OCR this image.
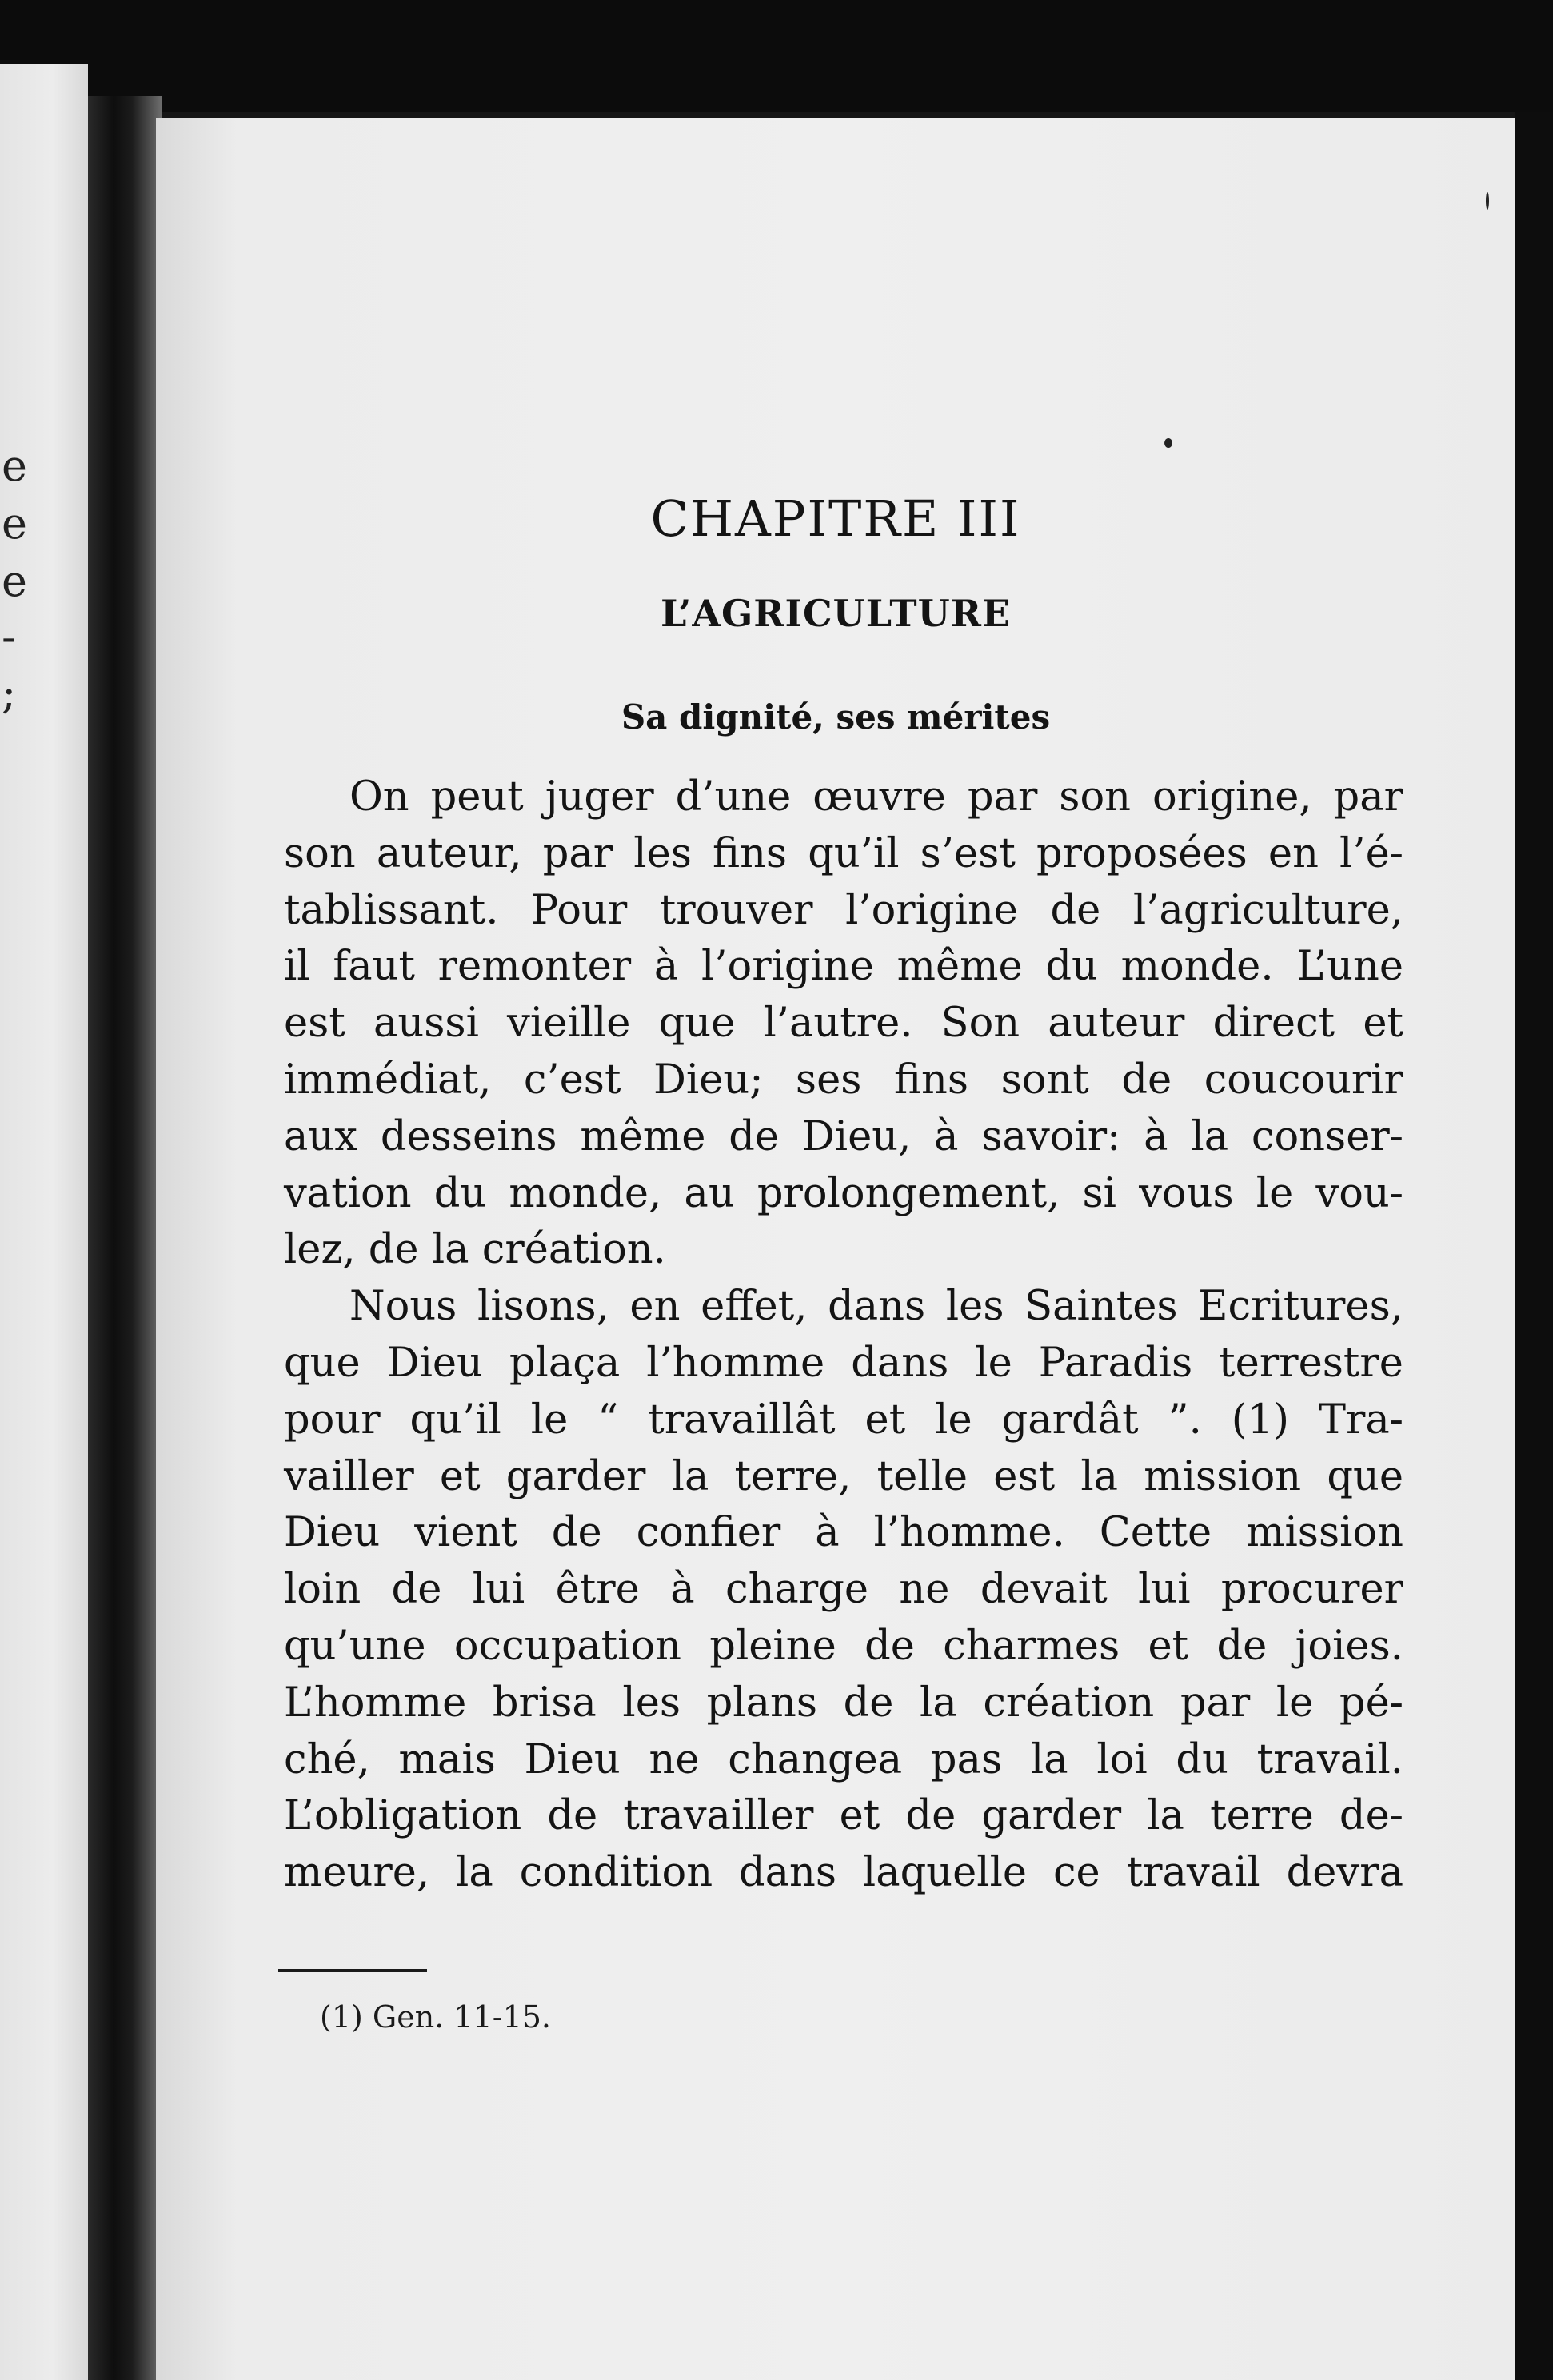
e
e
e
-
;
CHAPITRE III
L’AGRICULTURE
Sa dignité, ses mérites
On peut juger d’une œuvre par son origine, par
son auteur, par les fins qu’il s’est proposées en l’é-
tablissant. Pour trouver l’origine de l’agriculture,
il faut remonter à l’origine même du monde. L’une
est aussi vieille que l’autre. Son auteur direct et
immédiat, c’est Dieu; ses fins sont de coucourir
aux desseins même de Dieu, à savoir: à la conser-
vation du monde, au prolongement, si vous le vou-
lez, de la création.
Nous lisons, en effet, dans les Saintes Ecritures,
que Dieu plaça l’homme dans le Paradis terrestre
pour qu’il le “ travaillât et le gardât ”. (1) Tra-
vailler et garder la terre, telle est la mission que
Dieu vient de confier à l’homme. Cette mission
loin de lui être à charge ne devait lui procurer
qu’une occupation pleine de charmes et de joies.
L’homme brisa les plans de la création par le pé-
ché, mais Dieu ne changea pas la loi du travail.
L’obligation de travailler et de garder la terre de-
meure, la condition dans laquelle ce travail devra

(1) Gen. 11-15.
